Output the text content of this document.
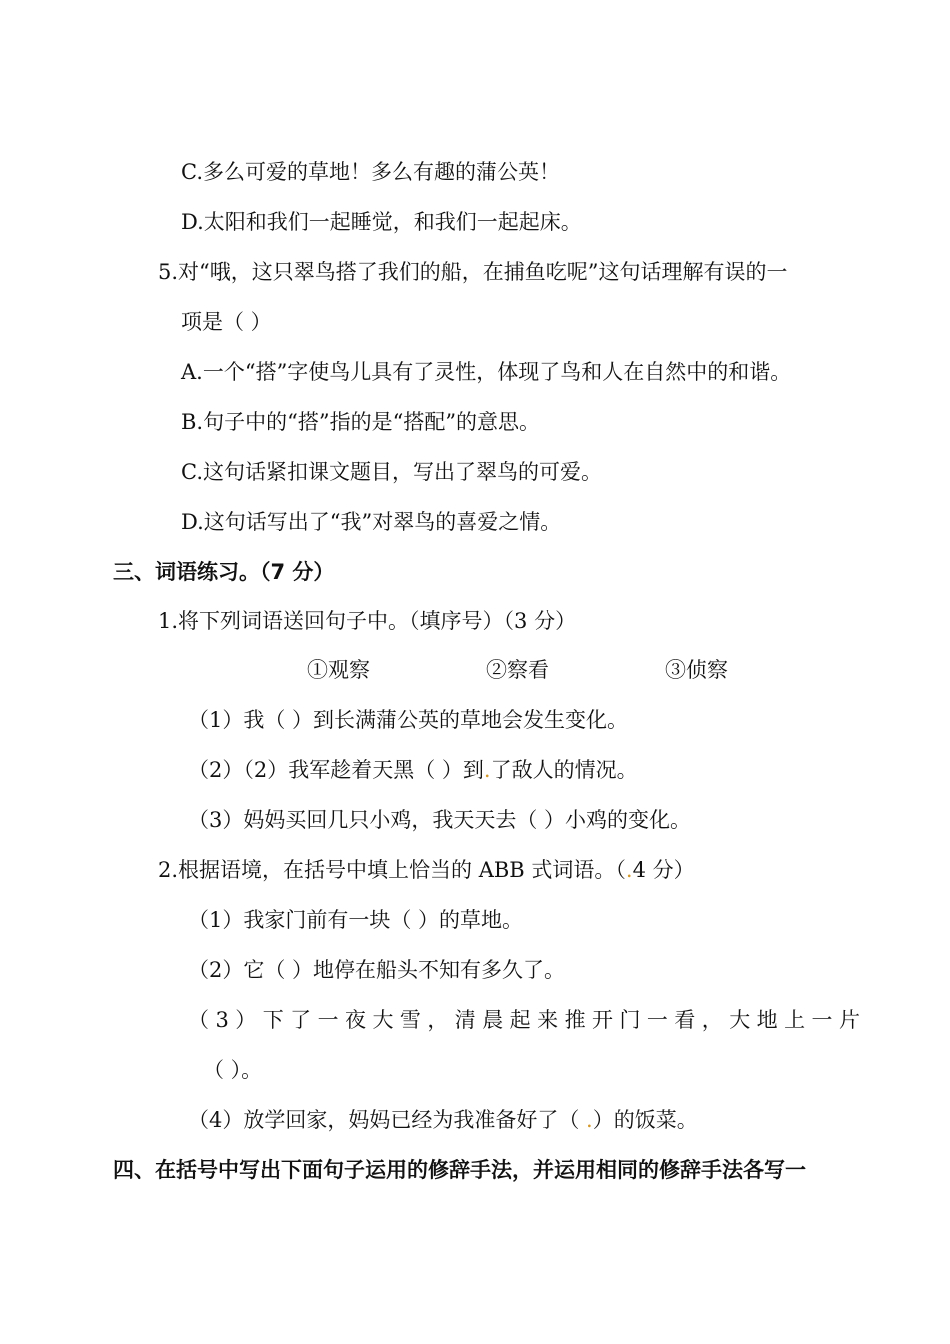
C.多么可爱的草地！多么有趣的蒲公英！
D.太阳和我们一起睡觉，和我们一起起床。
5.对“哦，这只翠鸟搭了我们的船，在捕鱼吃呢”这句话理解有误的一
项是（ ）
A.一个“搭”字使鸟儿具有了灵性，体现了鸟和人在自然中的和谐。
B.句子中的“搭”指的是“搭配”的意思。
C.这句话紧扣课文题目，写出了翠鸟的可爱。
D.这句话写出了“我”对翠鸟的喜爱之情。
三、词语练习。（7 分）
1.将下列词语送回句子中。（填序号）（3 分）
①观察	②察看	③侦察
（1）我（ ）到长满蒲公英的草地会发生变化。
（2）（2）我军趁着天黑（ ）到.了敌人的情况。
（3）妈妈买回几只小鸡，我天天去（ ）小鸡的变化。
2.根据语境，在括号中填上恰当的 ABB 式词语。（.4 分）
（1）我家门前有一块（ ）的草地。
（2）它（ ）地停在船头不知有多久了。
（3）下了一夜大雪，清晨起来推开门一看，大地上一片
（ ）。
（4）放学回家，妈妈已经为我准备好了（ .）的饭菜。
四、在括号中写出下面句子运用的修辞手法，并运用相同的修辞手法各写一
